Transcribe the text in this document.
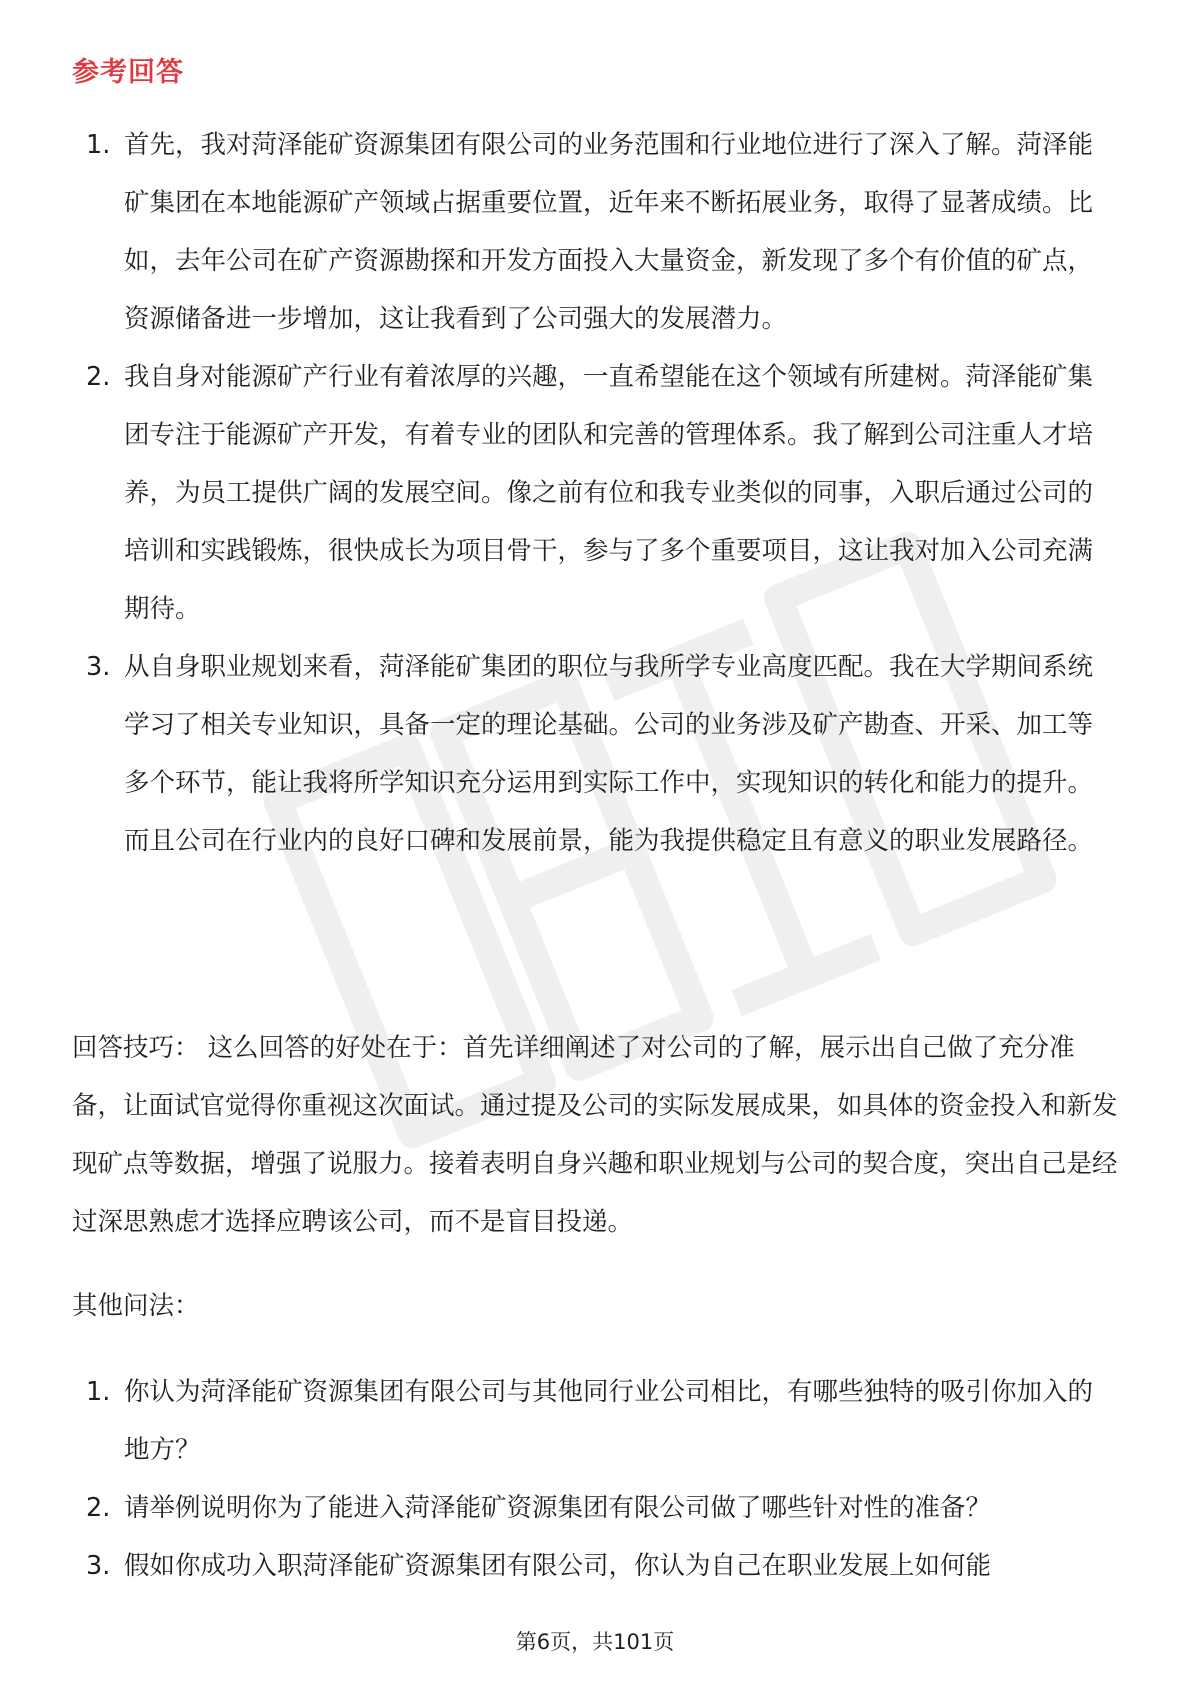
参考回答
1. 首先，我对菏泽能矿资源集团有限公司的业务范围和行业地位进行了深入了解。菏泽能矿集团在本地能源矿产领域占据重要位置，近年来不断拓展业务，取得了显著成绩。比如，去年公司在矿产资源勘探和开发方面投入大量资金，新发现了多个有价值的矿点，资源储备进一步增加，这让我看到了公司强大的发展潜力。
2. 我自身对能源矿产行业有着浓厚的兴趣，一直希望能在这个领域有所建树。菏泽能矿集团专注于能源矿产开发，有着专业的团队和完善的管理体系。我了解到公司注重人才培养，为员工提供广阔的发展空间。像之前有位和我专业类似的同事，入职后通过公司的培训和实践锻炼，很快成长为项目骨干，参与了多个重要项目，这让我对加入公司充满期待。
3. 从自身职业规划来看，菏泽能矿集团的职位与我所学专业高度匹配。我在大学期间系统学习了相关专业知识，具备一定的理论基础。公司的业务涉及矿产勘查、开采、加工等多个环节，能让我将所学知识充分运用到实际工作中，实现知识的转化和能力的提升。而且公司在行业内的良好口碑和发展前景，能为我提供稳定且有意义的职业发展路径。
回答技巧： 这么回答的好处在于：首先详细阐述了对公司的了解，展示出自己做了充分准备，让面试官觉得你重视这次面试。通过提及公司的实际发展成果，如具体的资金投入和新发现矿点等数据，增强了说服力。接着表明自身兴趣和职业规划与公司的契合度，突出自己是经过深思熟虑才选择应聘该公司，而不是盲目投递。
其他问法：
1. 你认为菏泽能矿资源集团有限公司与其他同行业公司相比，有哪些独特的吸引你加入的地方？
2. 请举例说明你为了能进入菏泽能矿资源集团有限公司做了哪些针对性的准备？
3. 假如你成功入职菏泽能矿资源集团有限公司，你认为自己在职业发展上如何能
第6页，共101页
